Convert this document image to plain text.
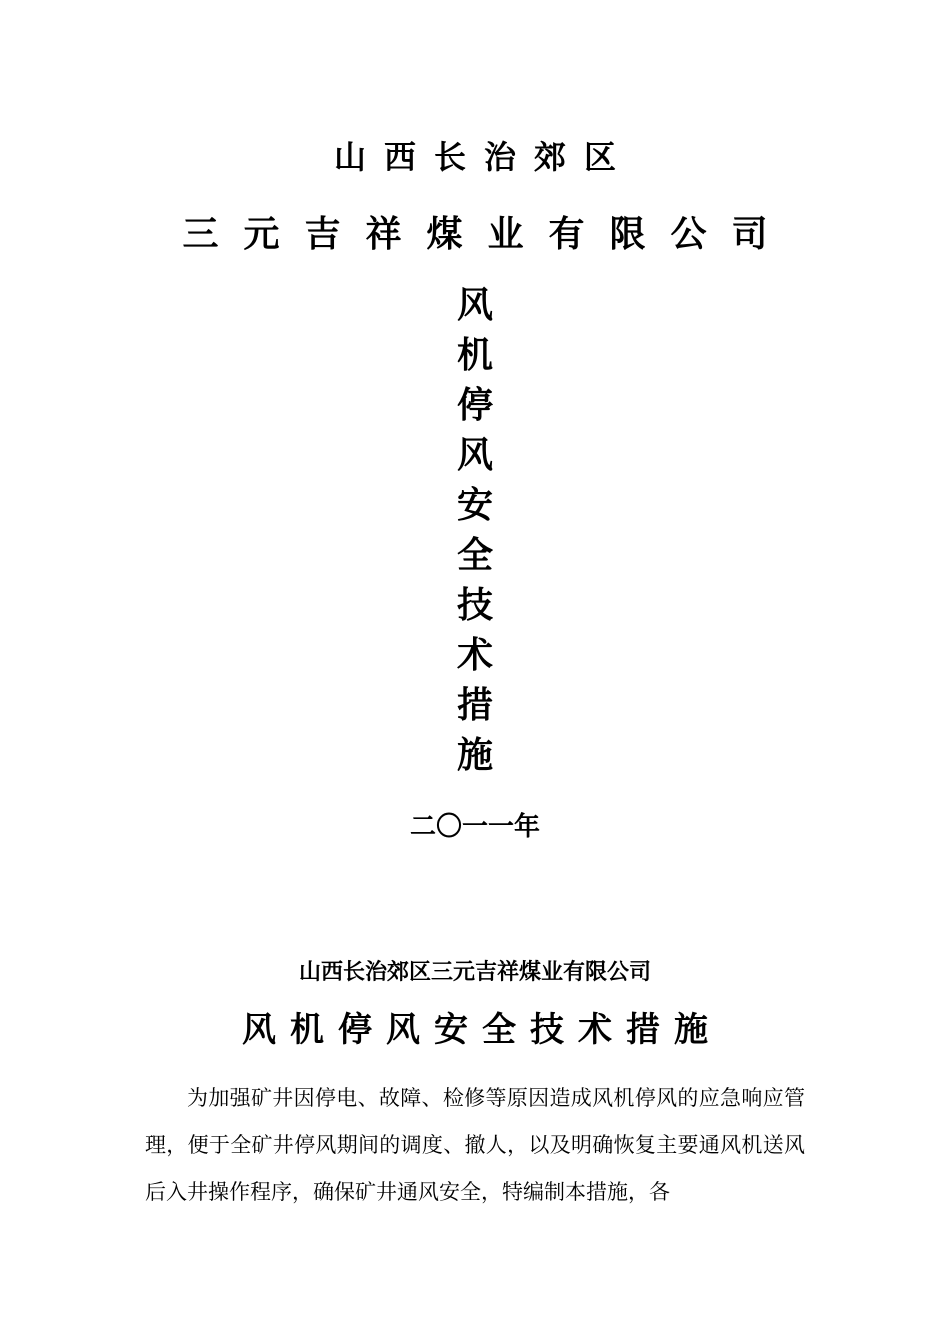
山西长治郊区
三元吉祥煤业有限公司
风
机
停
风
安
全
技
术
措
施
二〇一一年
山西长治郊区三元吉祥煤业有限公司
风机停风安全技术措施

为加强矿井因停电、故障、检修等原因造成风机停风的应急响应管理，便于全矿井停风期间的调度、撤人，以及明确恢复主要通风机送风后入井操作程序，确保矿井通风安全，特编制本措施，各
